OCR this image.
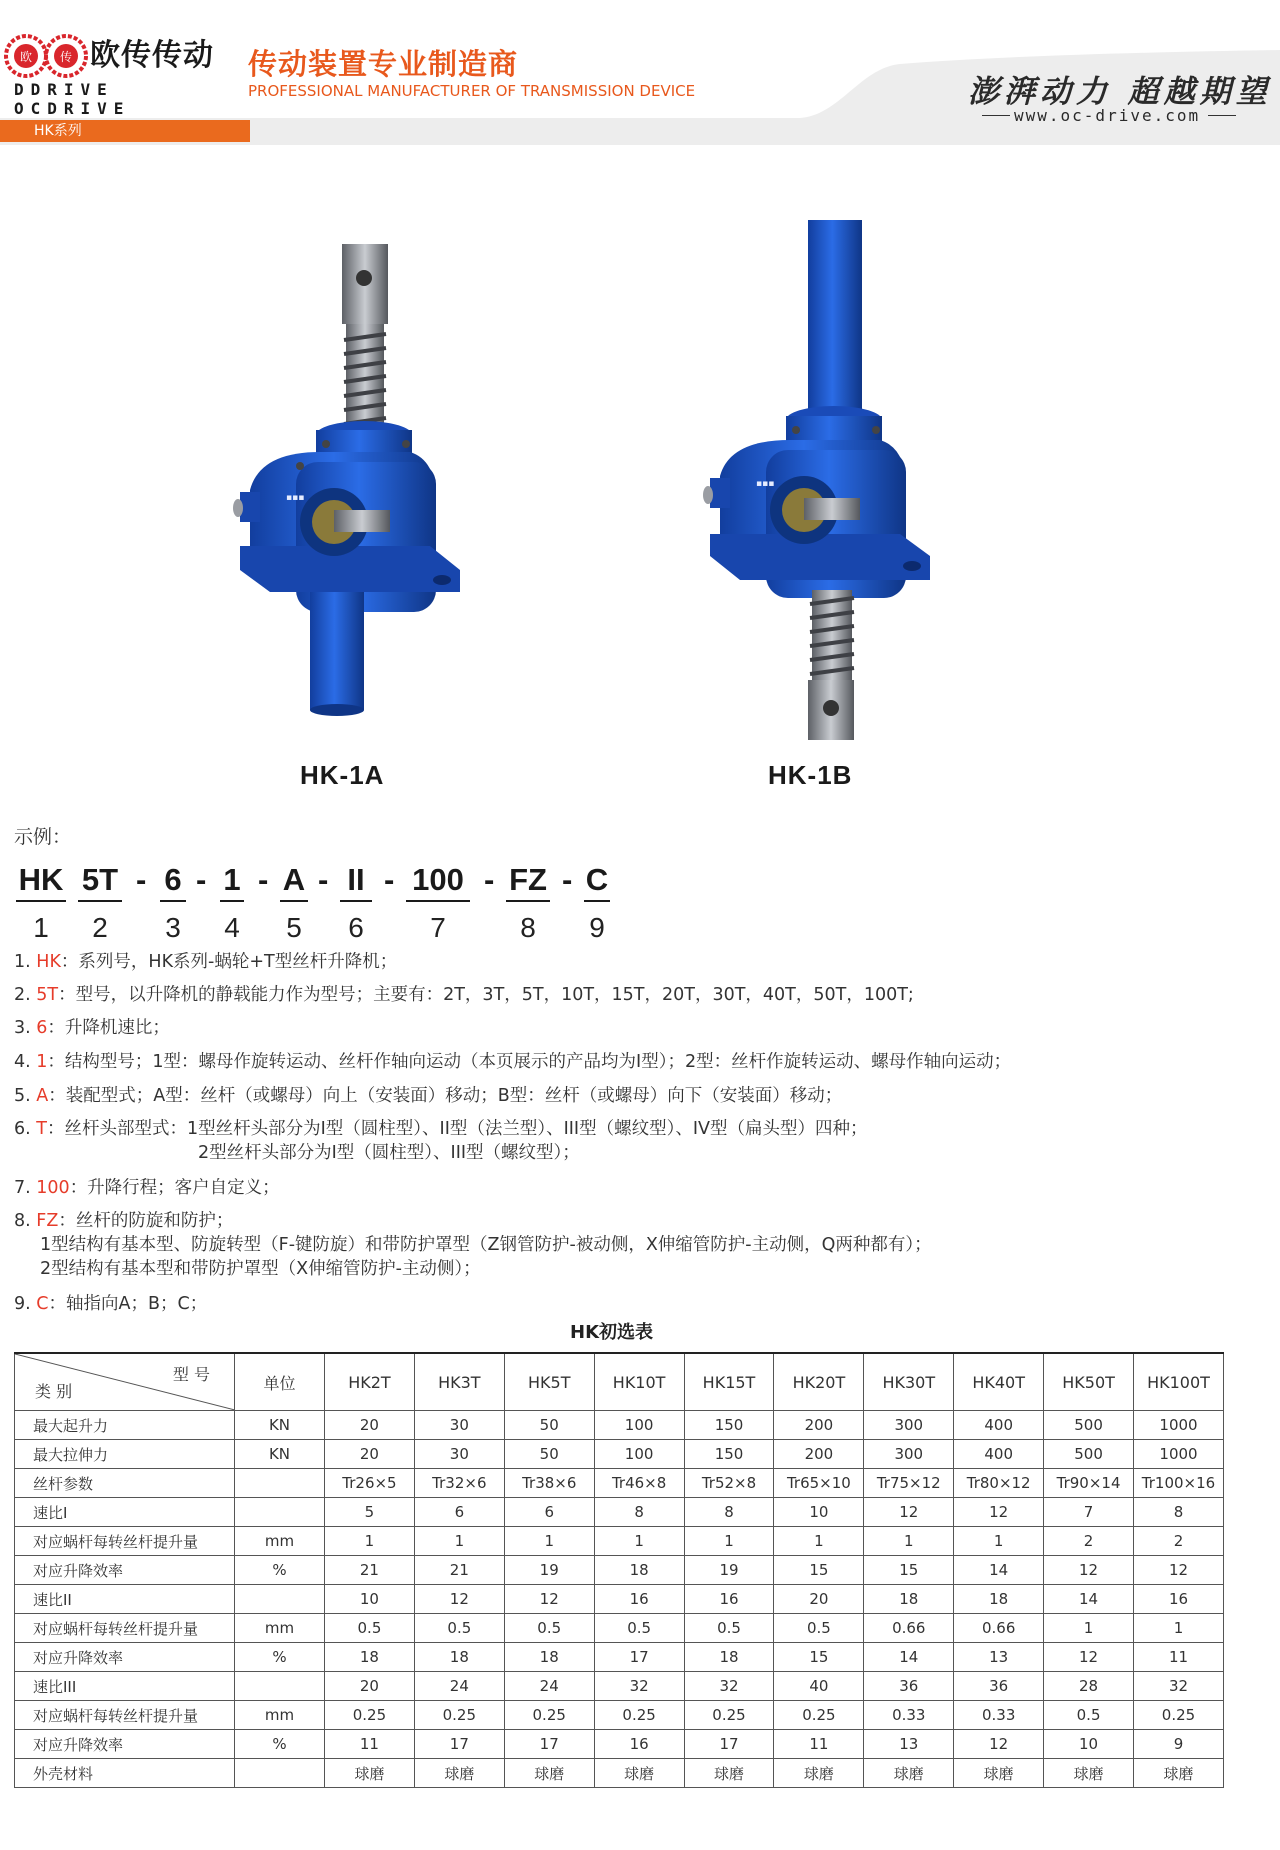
欧 传 欧传传动
DDRIVE OCDRIVE
传动装置专业制造商
PROFESSIONAL MANUFACTURER OF TRANSMISSION DEVICE	澎湃动力 超越期望
www.oc-drive.com
HK系列
▪▪▪
HK-1A
▪▪▪
HK-1B
示例：
HK 5T - 6 - 1 - A - II - 100 - FZ - C
1	2	3	4	5	6	7	8	9
1. HK：系列号，HK系列-蜗轮+T型丝杆升降机；
2. 5T：型号，以升降机的静载能力作为型号；主要有：2T，3T，5T，10T，15T，20T，30T，40T，50T，100T;
3. 6：升降机速比；
4. 1：结构型号；1型：螺母作旋转运动、丝杆作轴向运动（本页展示的产品均为I型）；2型：丝杆作旋转运动、螺母作轴向运动；
5. A：装配型式；A型：丝杆（或螺母）向上（安装面）移动；B型：丝杆（或螺母）向下（安装面）移动；
6. T：丝杆头部型式：1型丝杆头部分为I型（圆柱型）、II型（法兰型）、III型（螺纹型）、IV型（扁头型）四种；
2型丝杆头部分为I型（圆柱型）、III型（螺纹型）；
7. 100：升降行程；客户自定义；
8. FZ：丝杆的防旋和防护；
1型结构有基本型、防旋转型（F-键防旋）和带防护罩型（Z钢管防护-被动侧，X伸缩管防护-主动侧，Q两种都有）；
2型结构有基本型和带防护罩型（X伸缩管防护-主动侧）；
9. C：轴指向A；B；C；
HK初选表
型 号
类 别	单位	HK2T	HK3T	HK5T	HK10T	HK15T	HK20T	HK30T	HK40T	HK50T	HK100T
最大起升力	KN	20	30	50	100	150	200	300	400	500	1000
最大拉伸力	KN	20	30	50	100	150	200	300	400	500	1000
丝杆参数		Tr26×5	Tr32×6	Tr38×6	Tr46×8	Tr52×8	Tr65×10	Tr75×12	Tr80×12	Tr90×14	Tr100×16
速比I		5	6	6	8	8	10	12	12	7	8
对应蜗杆每转丝杆提升量	mm	1	1	1	1	1	1	1	1	2	2
对应升降效率	%	21	21	19	18	19	15	15	14	12	12
速比II		10	12	12	16	16	20	18	18	14	16
对应蜗杆每转丝杆提升量	mm	0.5	0.5	0.5	0.5	0.5	0.5	0.66	0.66	1	1
对应升降效率	%	18	18	18	17	18	15	14	13	12	11
速比III		20	24	24	32	32	40	36	36	28	32
对应蜗杆每转丝杆提升量	mm	0.25	0.25	0.25	0.25	0.25	0.25	0.33	0.33	0.5	0.25
对应升降效率	%	11	17	17	16	17	11	13	12	10	9
外壳材料		球磨	球磨	球磨	球磨	球磨	球磨	球磨	球磨	球磨	球磨
